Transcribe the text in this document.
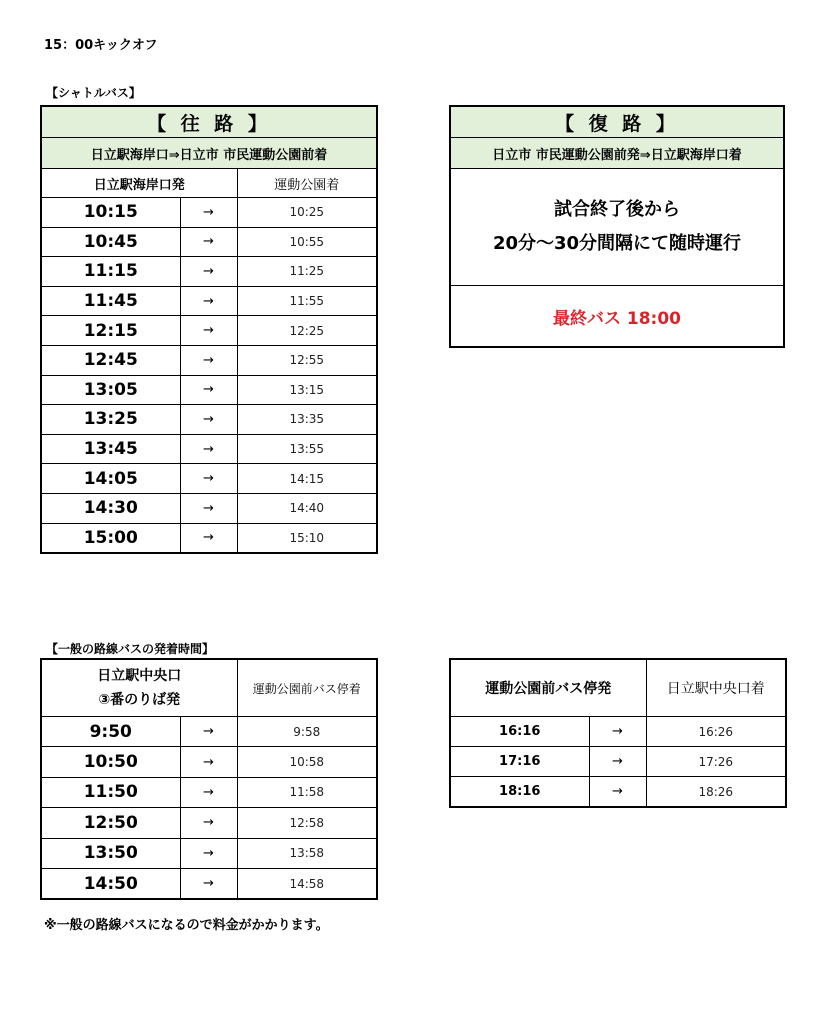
15：00キックオフ
【シャトルバス】
【 往 路 】		
日立駅海岸口⇒日立市 市民運動公園前着		
日立駅海岸口発		運動公園着
10:15	→	10:25
10:45	→	10:55
11:15	→	11:25
11:45	→	11:55
12:15	→	12:25
12:45	→	12:55
13:05	→	13:15
13:25	→	13:35
13:45	→	13:55
14:05	→	14:15
14:30	→	14:40
15:00	→	15:10
【 復 路 】
日立市 市民運動公園前発⇒日立駅海岸口着

試合終了後から
20分～30分間隔にて随時運行

最終バス 18:00
【一般の路線バスの発着時間】
日立駅中央口
③番のりば発		運動公園前バス停着
9:50	→	9:58
10:50	→	10:58
11:50	→	11:58
12:50	→	12:58
13:50	→	13:58
14:50	→	14:58
運動公園前バス停発		日立駅中央口着
16:16	→	16:26
17:16	→	17:26
18:16	→	18:26
※一般の路線バスになるので料金がかかります。
